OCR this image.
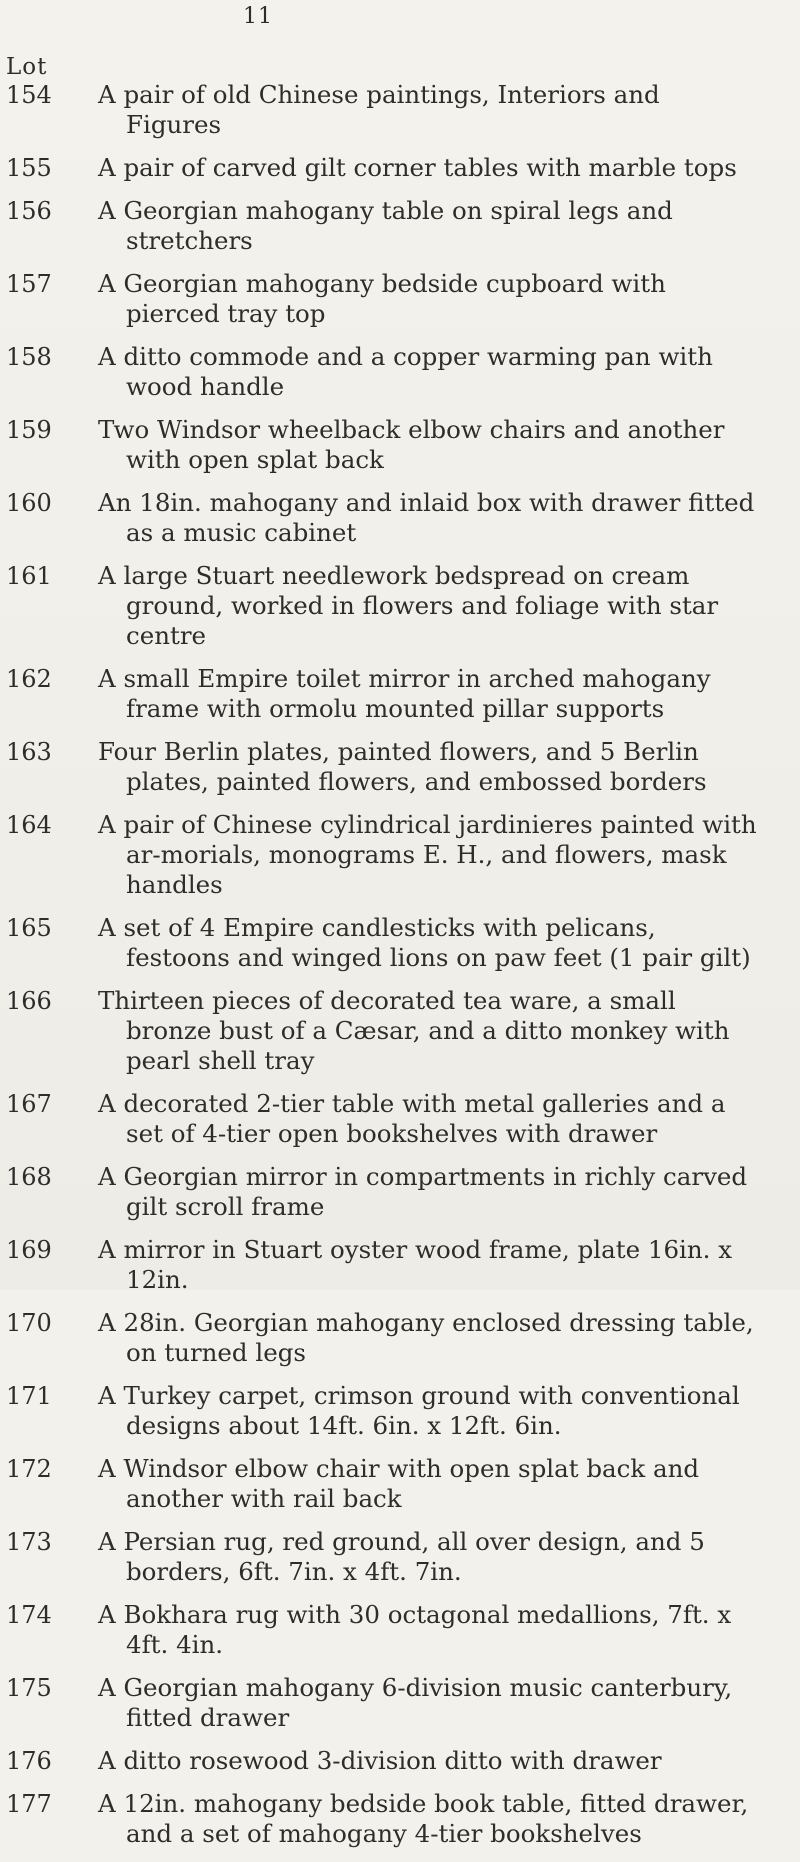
11
Lot
154	A pair of old Chinese paintings, Interiors and Figures
155	A pair of carved gilt corner tables with marble tops
156	A Georgian mahogany table on spiral legs and stretchers
157	A Georgian mahogany bedside cupboard with pierced tray top
158	A ditto commode and a copper warming pan with wood handle
159	Two Windsor wheelback elbow chairs and another with open splat back
160	An 18in. mahogany and inlaid box with drawer fitted as a music cabinet
161	A large Stuart needlework bedspread on cream ground, worked in flowers and foliage with star centre
162	A small Empire toilet mirror in arched mahogany frame with ormolu mounted pillar supports
163	Four Berlin plates, painted flowers, and 5 Berlin plates, painted flowers, and embossed borders
164	A pair of Chinese cylindrical jardinieres painted with ar-morials, monograms E. H., and flowers, mask handles
165	A set of 4 Empire candlesticks with pelicans, festoons and winged lions on paw feet (1 pair gilt)
166	Thirteen pieces of decorated tea ware, a small bronze bust of a Cæsar, and a ditto monkey with pearl shell tray
167	A decorated 2-tier table with metal galleries and a set of 4-tier open bookshelves with drawer
168	A Georgian mirror in compartments in richly carved gilt scroll frame
169	A mirror in Stuart oyster wood frame, plate 16in. x 12in.
170	A 28in. Georgian mahogany enclosed dressing table, on turned legs
171	A Turkey carpet, crimson ground with conventional designs about 14ft. 6in. x 12ft. 6in.
172	A Windsor elbow chair with open splat back and another with rail back
173	A Persian rug, red ground, all over design, and 5 borders, 6ft. 7in. x 4ft. 7in.
174	A Bokhara rug with 30 octagonal medallions, 7ft. x 4ft. 4in.
175	A Georgian mahogany 6-division music canterbury, fitted drawer
176	A ditto rosewood 3-division ditto with drawer
177	A 12in. mahogany bedside book table, fitted drawer, and a set of mahogany 4-tier bookshelves
